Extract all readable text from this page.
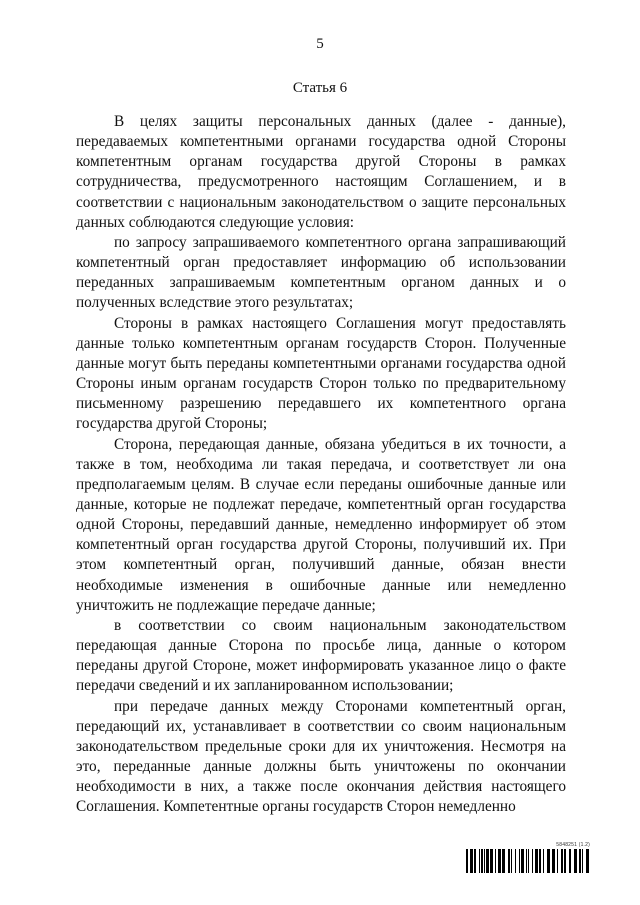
5
Статья 6

В целях защиты персональных данных (далее - данные), передаваемых компетентными органами государства одной Стороны компетентным органам государства другой Стороны в рамках сотрудничества, предусмотренного настоящим Соглашением, и в соответствии с национальным законодательством о защите персональных данных соблюдаются следующие условия:

по запросу запрашиваемого компетентного органа запрашивающий компетентный орган предоставляет информацию об использовании переданных запрашиваемым компетентным органом данных и о полученных вследствие этого результатах;

Стороны в рамках настоящего Соглашения могут предоставлять данные только компетентным органам государств Сторон. Полученные данные могут быть переданы компетентными органами государства одной Стороны иным органам государств Сторон только по предварительному письменному разрешению передавшего их компетентного органа государства другой Стороны;

Сторона, передающая данные, обязана убедиться в их точности, а также в том, необходима ли такая передача, и соответствует ли она предполагаемым целям. В случае если переданы ошибочные данные или данные, которые не подлежат передаче, компетентный орган государства одной Стороны, передавший данные, немедленно информирует об этом компетентный орган государства другой Стороны, получивший их. При этом компетентный орган, получивший данные, обязан внести необходимые изменения в ошибочные данные или немедленно уничтожить не подлежащие передаче данные;

в соответствии со своим национальным законодательством передающая данные Сторона по просьбе лица, данные о котором переданы другой Стороне, может информировать указанное лицо о факте передачи сведений и их запланированном использовании;

при передаче данных между Сторонами компетентный орган, передающий их, устанавливает в соответствии со своим национальным законодательством предельные сроки для их уничтожения. Несмотря на это, переданные данные должны быть уничтожены по окончании необходимости в них, а также после окончания действия настоящего Соглашения. Компетентные органы государств Сторон немедленно

5848251 (1.2)
